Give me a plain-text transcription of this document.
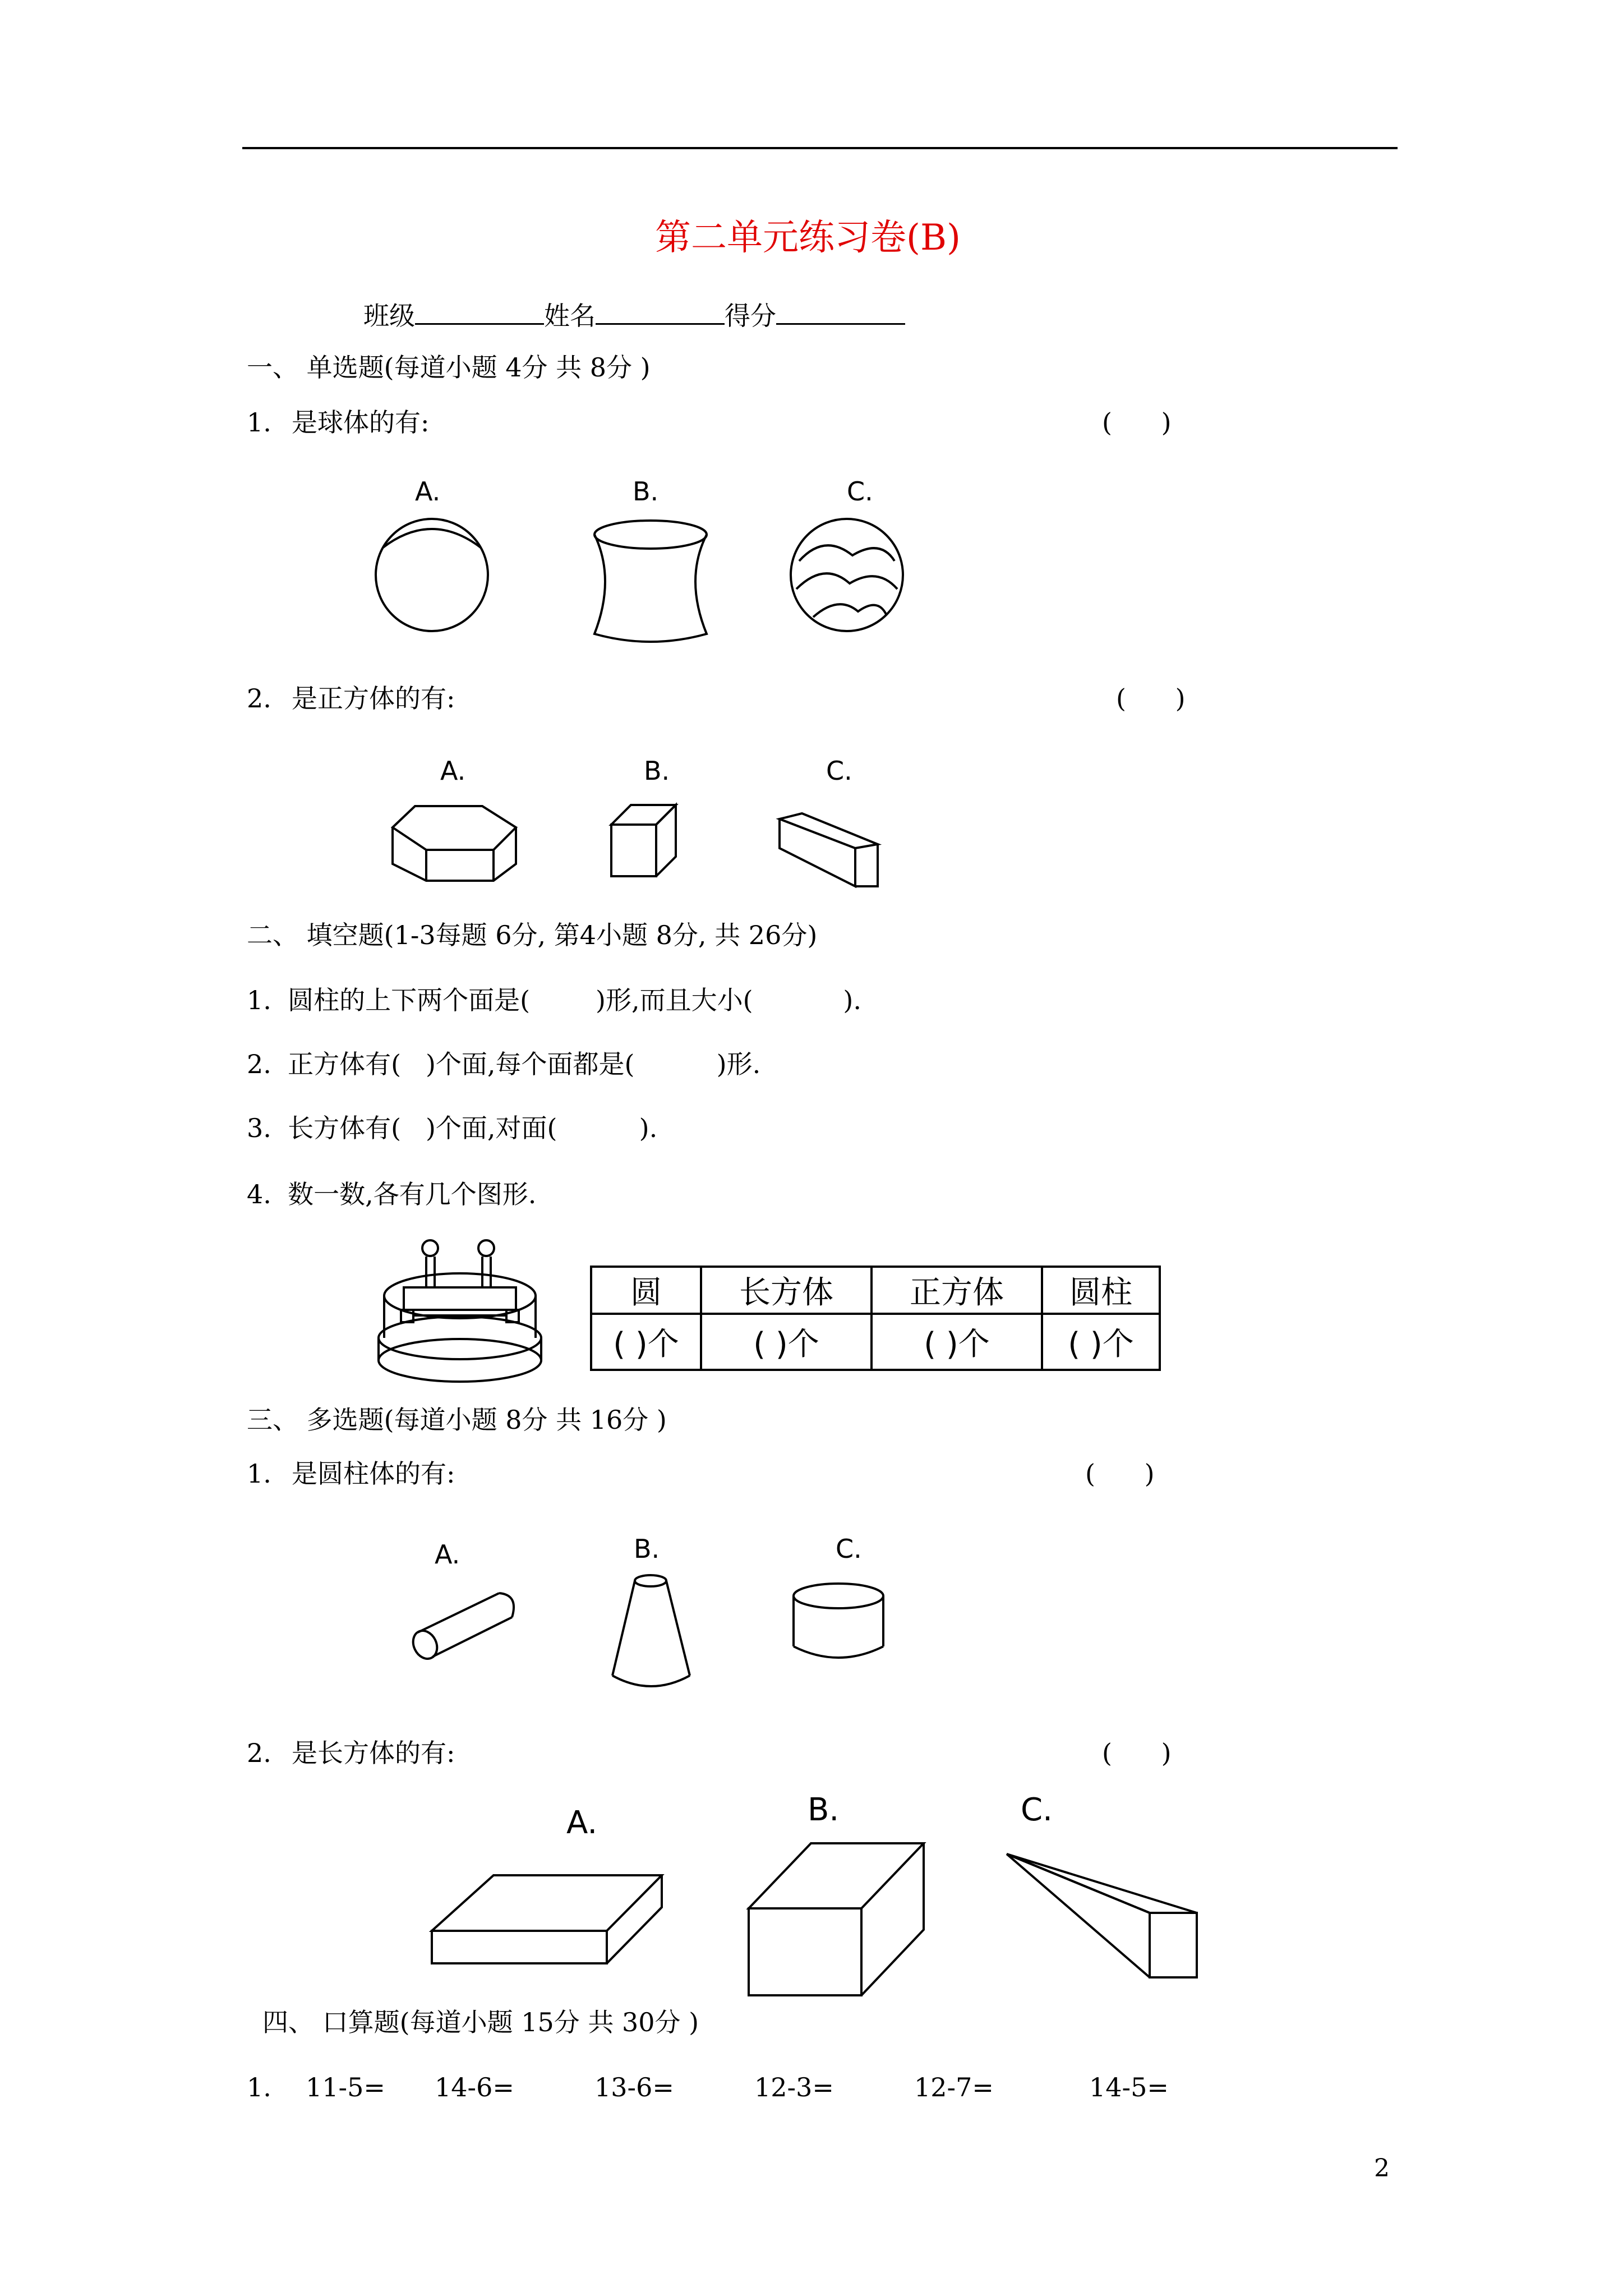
第二单元练习卷(B)
班级	姓名	得分
一、 单选题(每道小题 4分 共 8分 )
1. 是球体的有:	(      )
A.	B.	C.
2. 是正方体的有:	(      )
A.	B.	C.
二、 填空题(1-3每题 6分, 第4小题 8分, 共 26分)
1.  圆柱的上下两个面是(        )形,而且大小(           ).
2.  正方体有(   )个面,每个面都是(          )形.
3.  长方体有(   )个面,对面(          ).
4.  数一数,各有几个图形.
圆	长方体	正方体	圆柱
( )个	( )个	( )个	( )个
三、 多选题(每道小题 8分 共 16分 )
1. 是圆柱体的有:	(      )
A.	B.	C.
2. 是长方体的有:	(      )
A.	B.	C.
四、 口算题(每道小题 15分 共 30分 )
1. 11-5= 14-6=	13-6=	12-3=	12-7=	14-5=
2
